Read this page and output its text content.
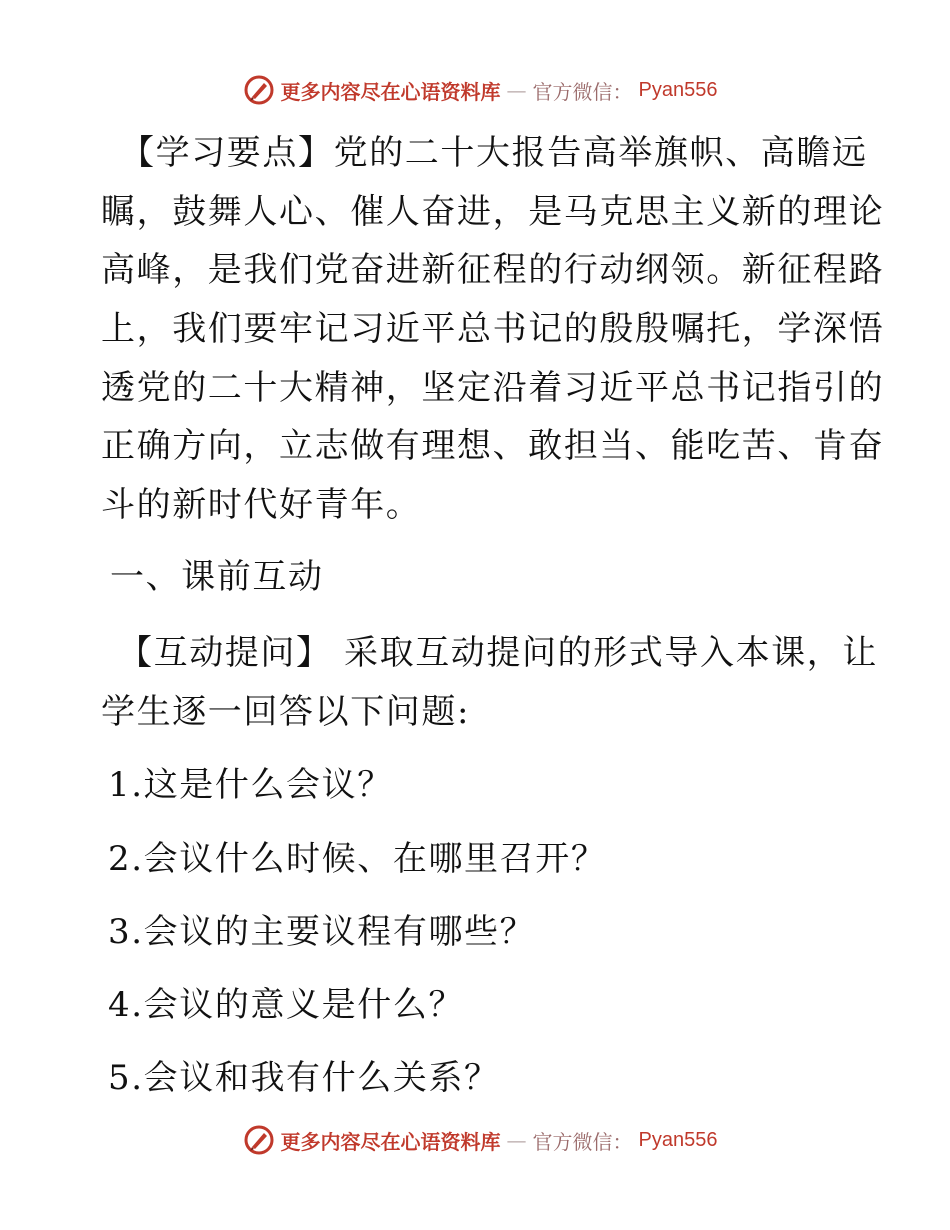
更多内容尽在心语资料库 — 官方微信： Pyan556
【学习要点】党的二十大报告高举旗帜、高瞻远
瞩，鼓舞人心、催人奋进，是马克思主义新的理论
高峰，是我们党奋进新征程的行动纲领。新征程路
上，我们要牢记习近平总书记的殷殷嘱托，学深悟
透党的二十大精神，坚定沿着习近平总书记指引的
正确方向，立志做有理想、敢担当、能吃苦、肯奋
斗的新时代好青年。
一、课前互动
【互动提问】 采取互动提问的形式导入本课，让
学生逐一回答以下问题:
1.这是什么会议？
2.会议什么时候、在哪里召开？
3.会议的主要议程有哪些？
4.会议的意义是什么？
5.会议和我有什么关系？
更多内容尽在心语资料库 — 官方微信： Pyan556
